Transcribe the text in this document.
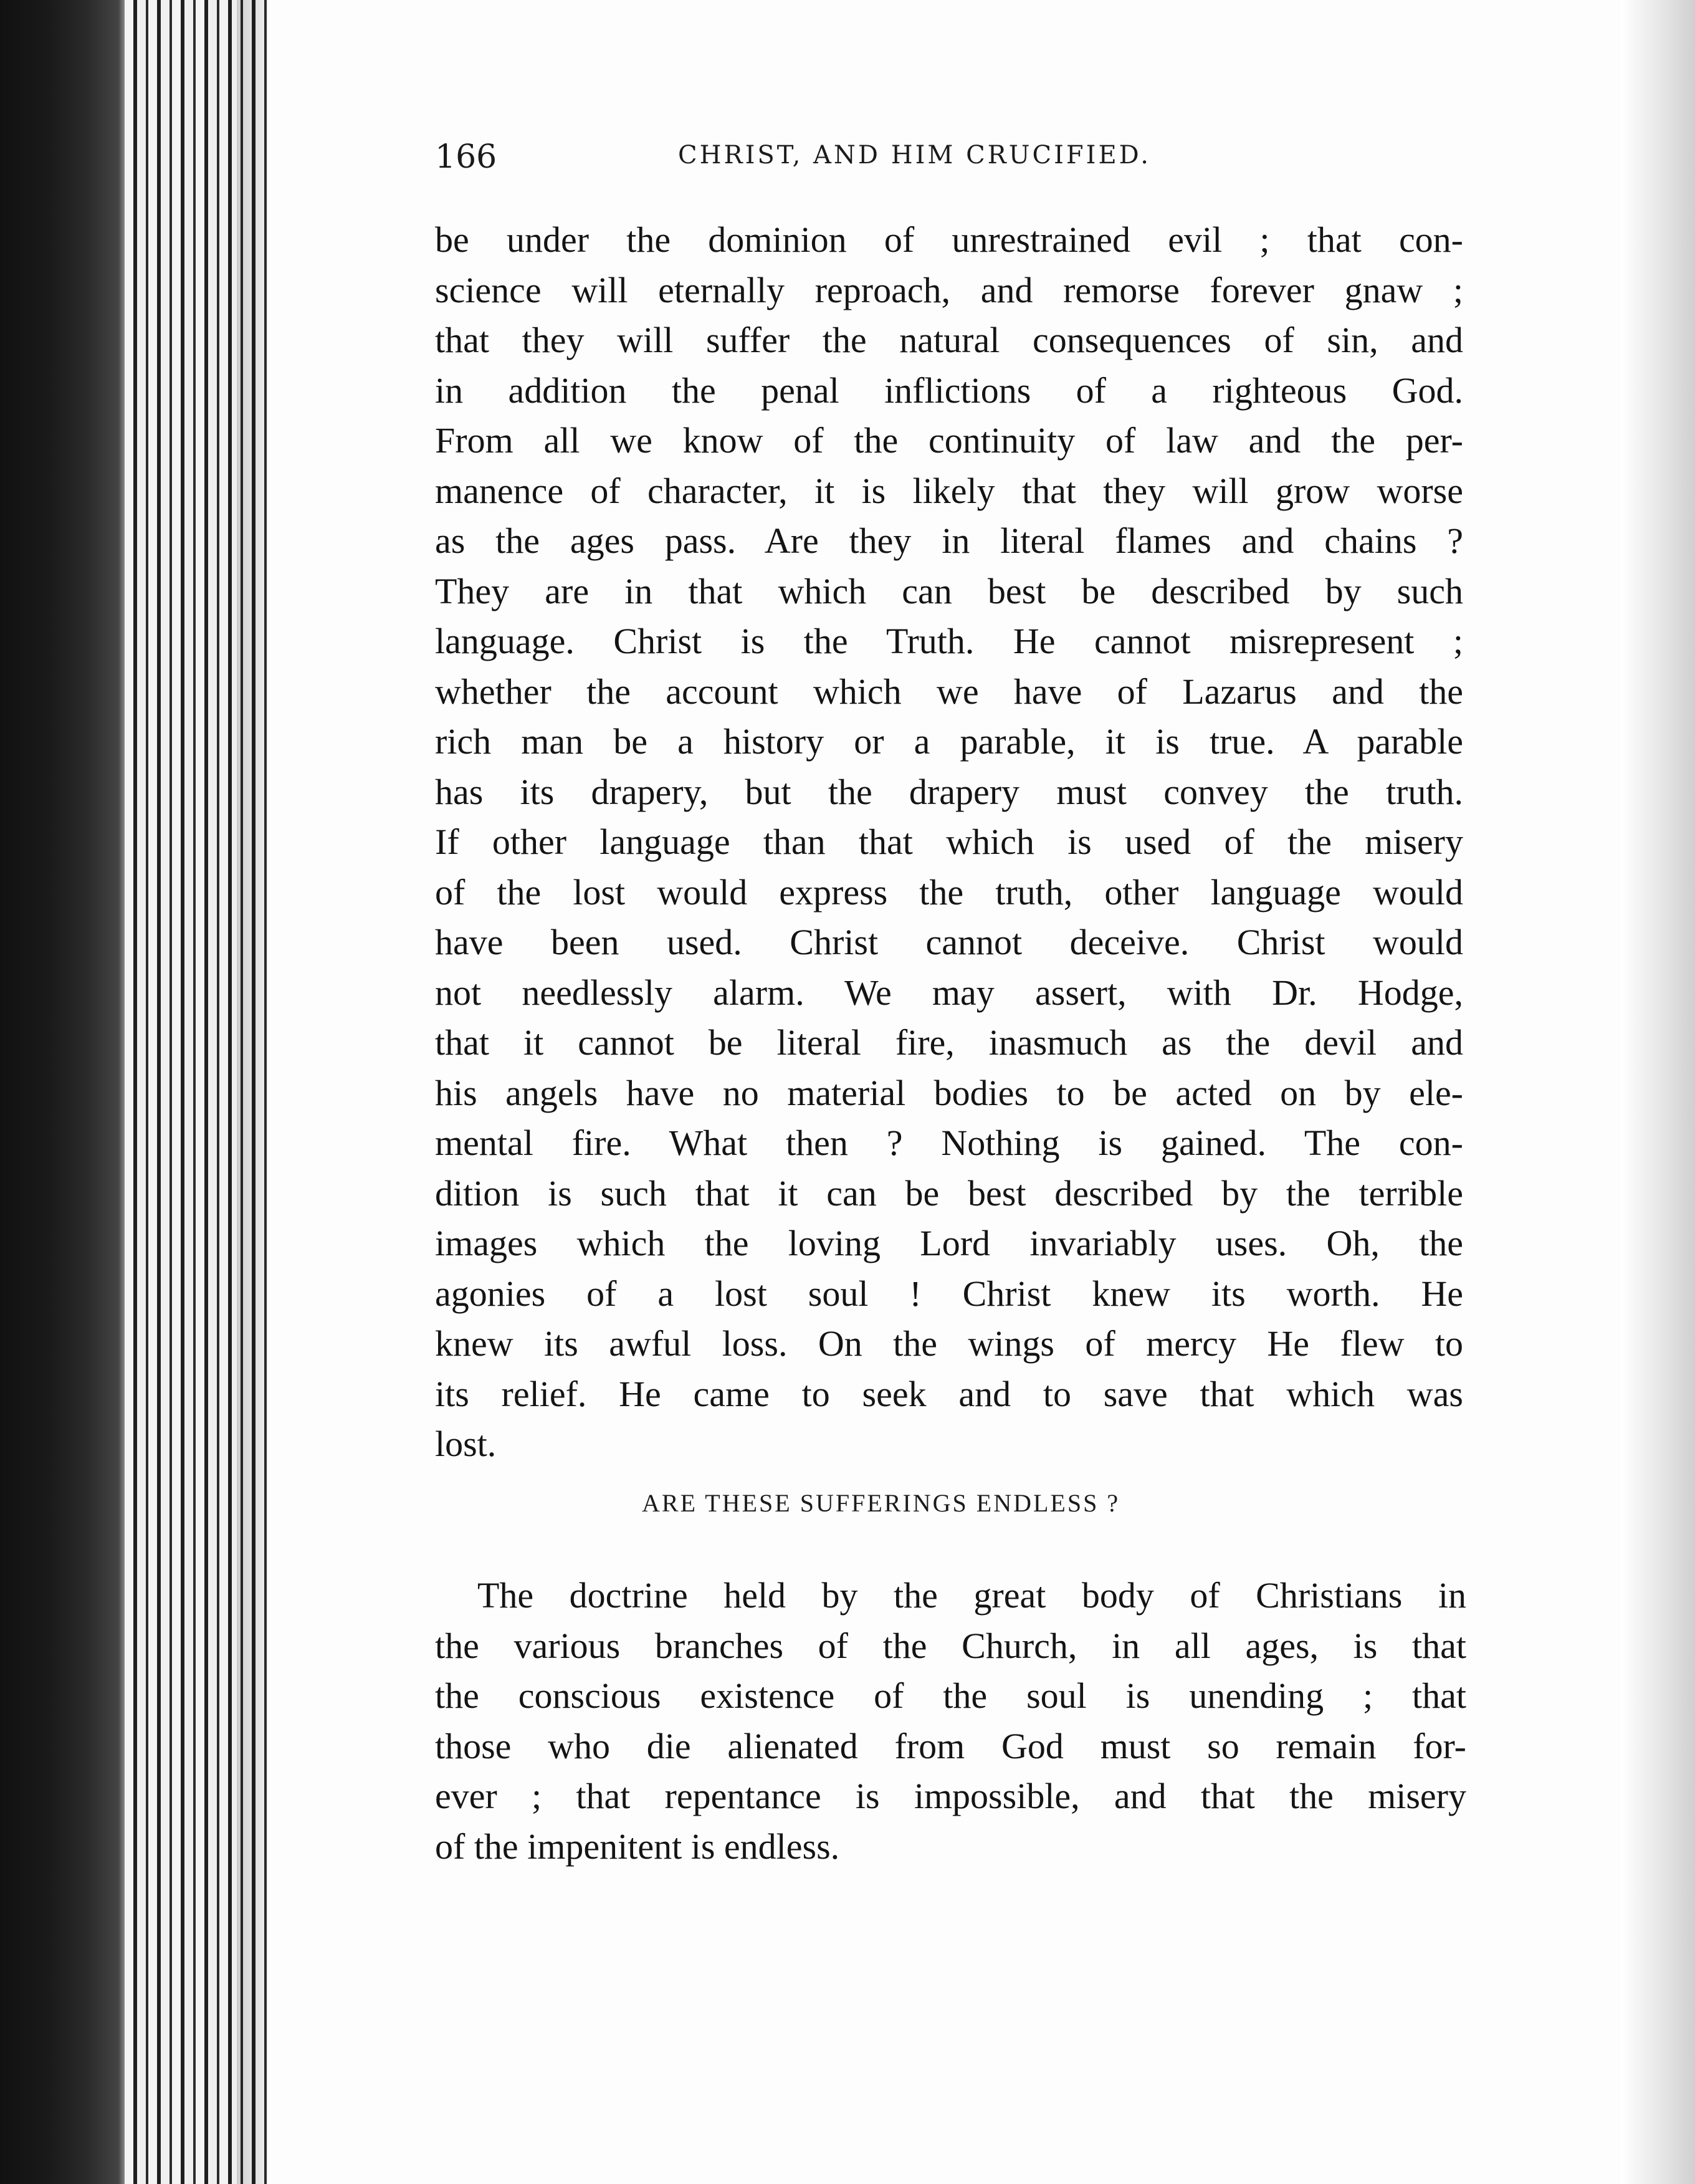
166	CHRIST, AND HIM CRUCIFIED.
be under the dominion of unrestrained evil ; that con-
science will eternally reproach, and remorse forever gnaw ;
that they will suffer the natural consequences of sin, and
in addition the penal inflictions of a righteous God.
From all we know of the continuity of law and the per-
manence of character, it is likely that they will grow worse
as the ages pass. Are they in literal flames and chains ?
They are in that which can best be described by such
language. Christ is the Truth. He cannot misrepresent ;
whether the account which we have of Lazarus and the
rich man be a history or a parable, it is true. A parable
has its drapery, but the drapery must convey the truth.
If other language than that which is used of the misery
of the lost would express the truth, other language would
have been used. Christ cannot deceive. Christ would
not needlessly alarm. We may assert, with Dr. Hodge,
that it cannot be literal fire, inasmuch as the devil and
his angels have no material bodies to be acted on by ele-
mental fire. What then ? Nothing is gained. The con-
dition is such that it can be best described by the terrible
images which the loving Lord invariably uses. Oh, the
agonies of a lost soul ! Christ knew its worth. He
knew its awful loss. On the wings of mercy He flew to
its relief. He came to seek and to save that which was
lost.
ARE THESE SUFFERINGS ENDLESS ?
The doctrine held by the great body of Christians in
the various branches of the Church, in all ages, is that
the conscious existence of the soul is unending ; that
those who die alienated from God must so remain for-
ever ; that repentance is impossible, and that the misery
of the impenitent is endless.
